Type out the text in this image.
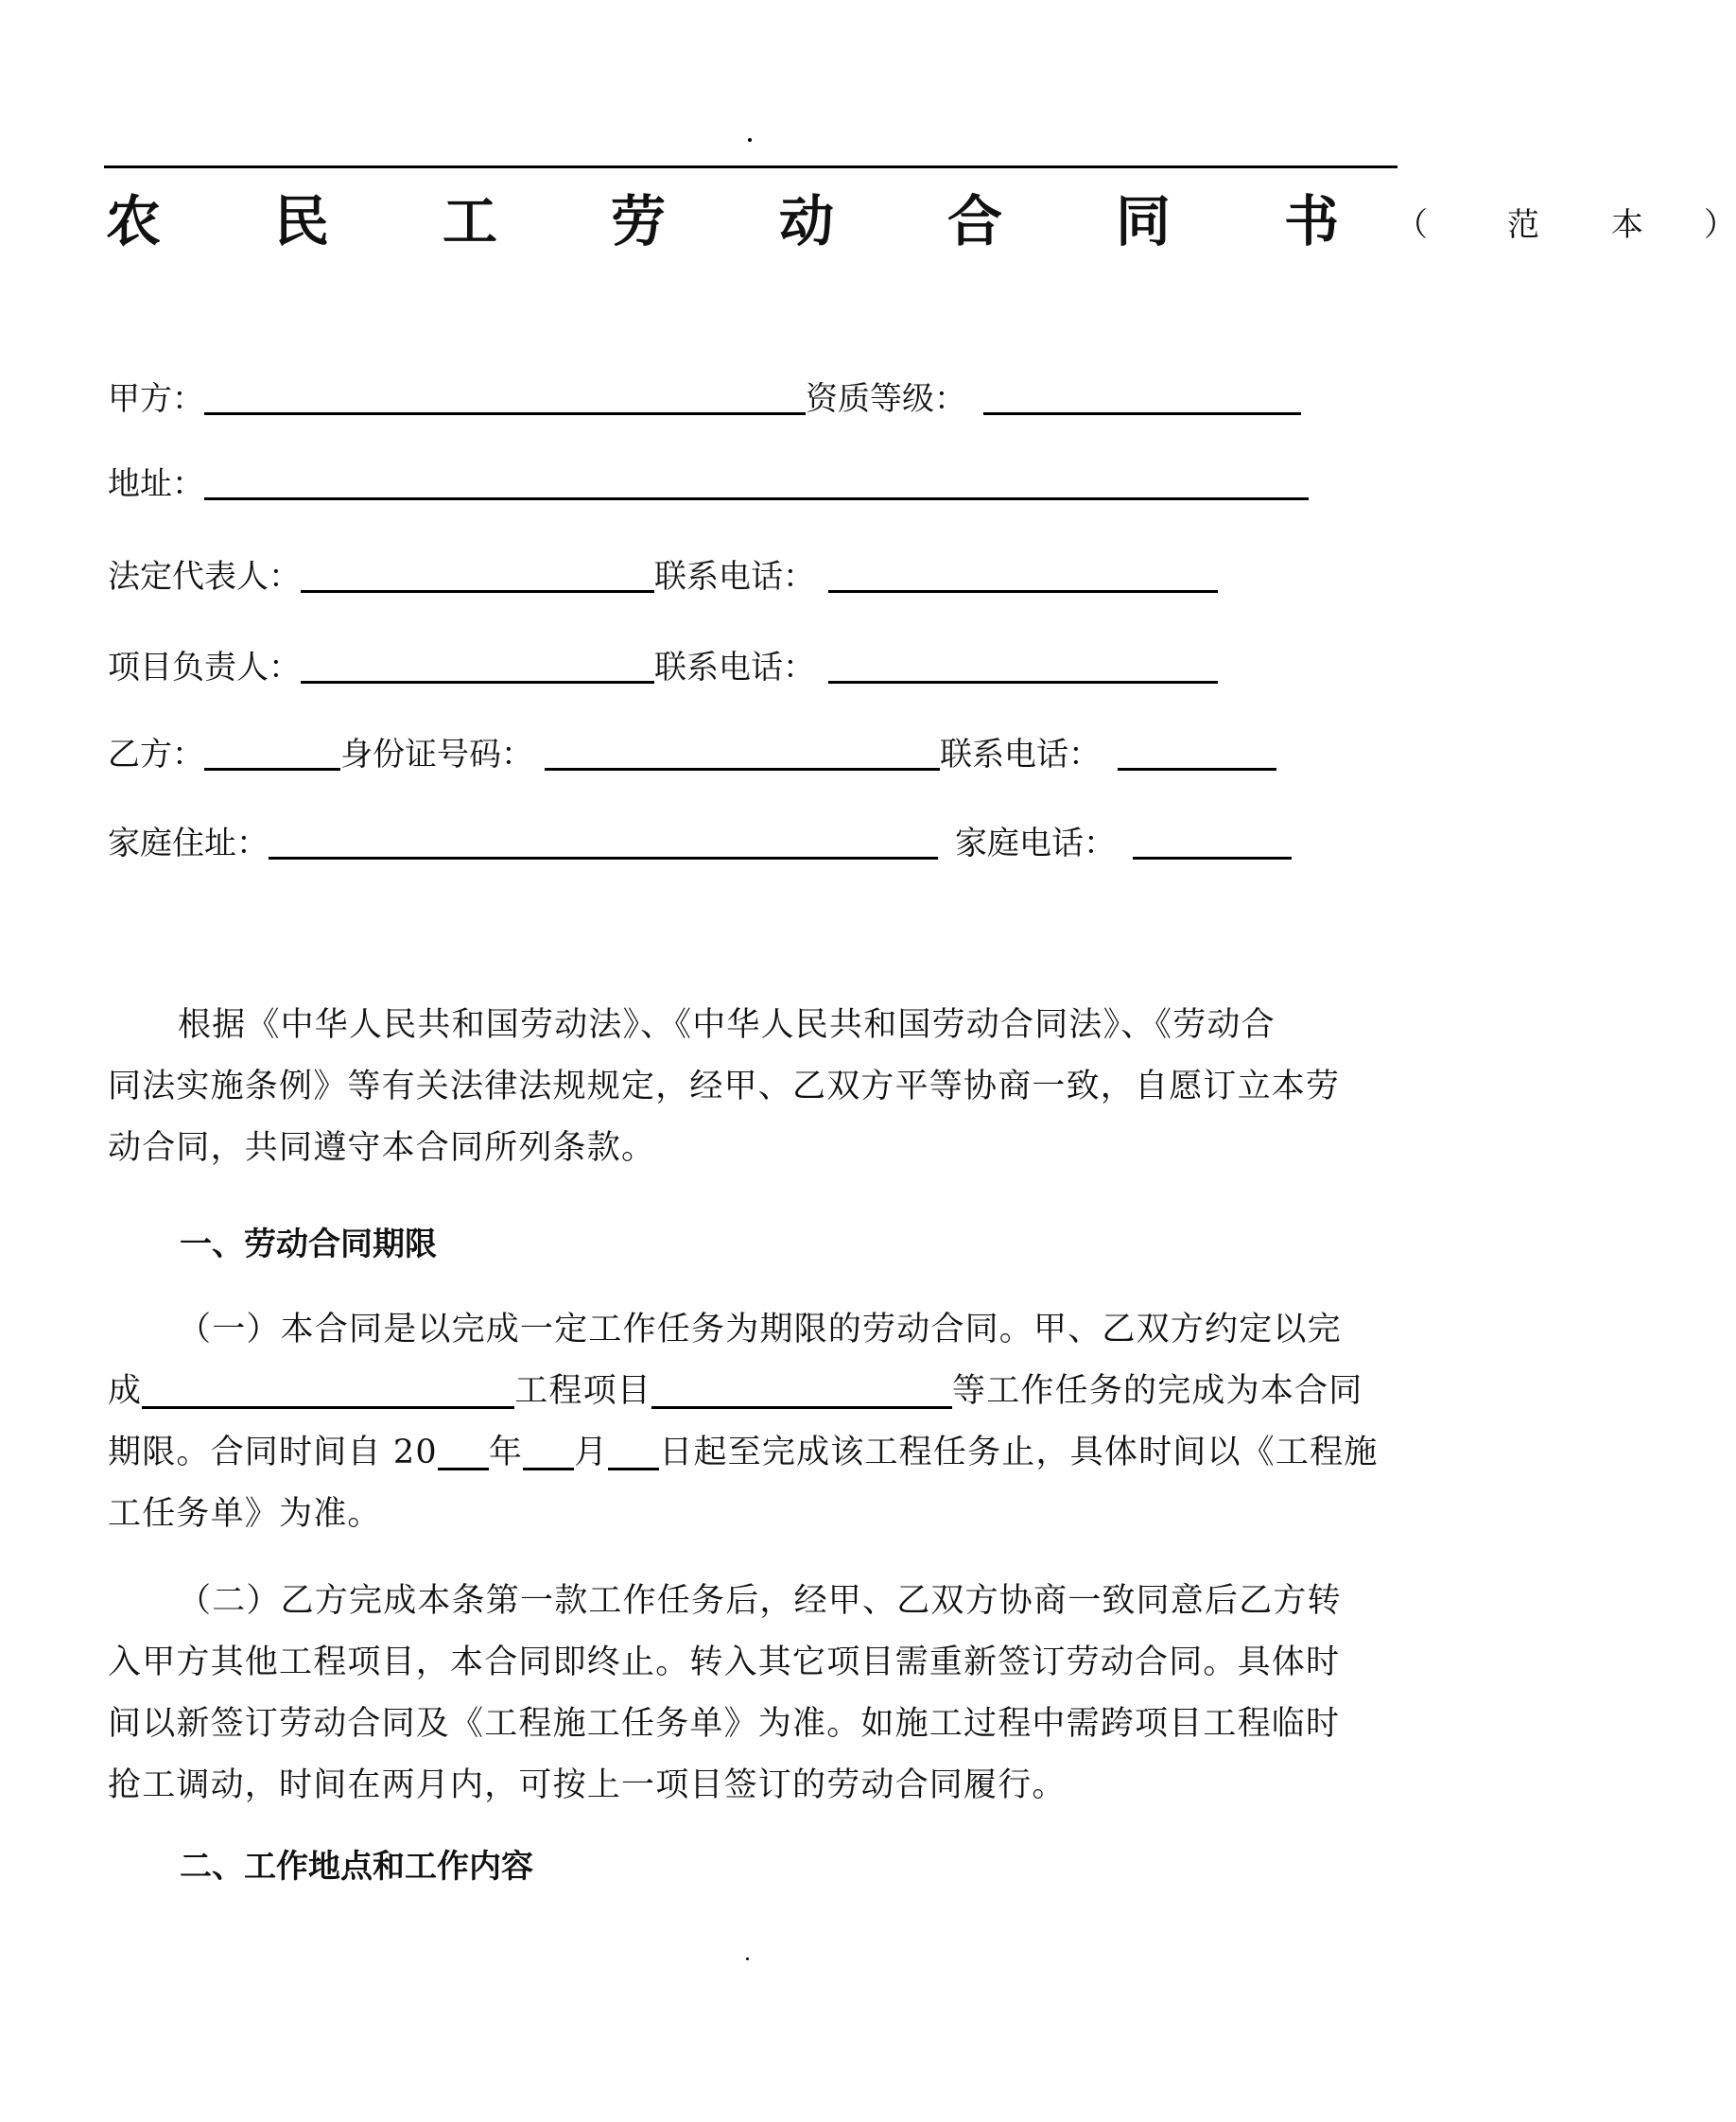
农 民 工 劳 动 合 同 书 （ 范 本 ）
甲方：	资质等级：
地址：
法定代表人：	联系电话：
项目负责人：	联系电话：
乙方：	身份证号码：	联系电话：
家庭住址：	家庭电话：
根据《中华人民共和国劳动法》、《中华人民共和国劳动合同法》、《劳动合
同法实施条例》等有关法律法规规定，经甲、乙双方平等协商一致，自愿订立本劳
动合同，共同遵守本合同所列条款。
一、劳动合同期限
（一）本合同是以完成一定工作任务为期限的劳动合同。甲、乙双方约定以完
成	工程项目	等工作任务的完成为本合同
期限。合同时间自 20 年 月 日起至完成该工程任务止，具体时间以《工程施
工任务单》为准。
（二）乙方完成本条第一款工作任务后，经甲、乙双方协商一致同意后乙方转
入甲方其他工程项目，本合同即终止。转入其它项目需重新签订劳动合同。具体时
间以新签订劳动合同及《工程施工任务单》为准。如施工过程中需跨项目工程临时
抢工调动，时间在两月内，可按上一项目签订的劳动合同履行。
二、工作地点和工作内容
